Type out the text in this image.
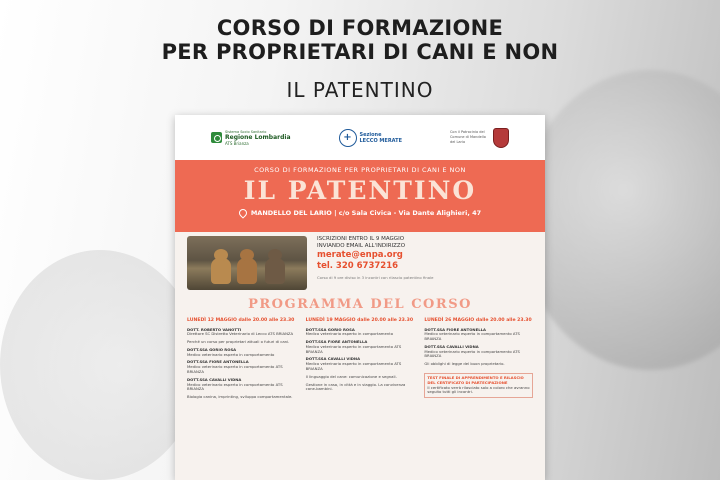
CORSO DI FORMAZIONE
PER PROPRIETARI DI CANI E NON
IL PATENTINO
Sistema Socio Sanitario
Regione Lombardia
ATS Brianza
+	Sezione
LECCO MERATE
Con il Patrocinio del Comune di Mandello del Lario
CORSO DI FORMAZIONE PER PROPRIETARI DI CANI E NON
IL PATENTINO
MANDELLO DEL LARIO | c/o Sala Civica - Via Dante Alighieri, 47
ISCRIZIONI ENTRO IL 9 MAGGIO
INVIANDO EMAIL ALL'INDIRIZZO
merate@enpa.org
tel. 320 6737216
Corso di 9 ore diviso in 3 incontri con rilascio patentino finale
PROGRAMMA DEL CORSO
LUNEDÌ 12 MAGGIO dalle 20.00 alle 23.30
DOTT. ROBERTO VANOTTI
Direttore SC Distretto Veterinario di Lecco ATS BRIANZA
Perché un corso per proprietari attuali o futuri di cani.
DOTT.SSA GORIO ROSA
Medico veterinario esperto in comportamento
DOTT.SSA FIORE ANTONELLA
Medico veterinario esperto in comportamento ATS BRIANZA
DOTT.SSA CAVALLI VIDNA
Medico veterinario esperto in comportamento ATS BRIANZA
Biologia canina, imprinting, sviluppo comportamentale.
LUNEDÌ 19 MAGGIO dalle 20.00 alle 23.30
DOTT.SSA GORIO ROSA
Medico veterinario esperto in comportamento
DOTT.SSA FIORE ANTONELLA
Medico veterinario esperto in comportamento ATS BRIANZA
DOTT.SSA CAVALLI VIDNA
Medico veterinario esperto in comportamento ATS BRIANZA
Il linguaggio del cane: comunicazione e segnali.
Gestione in casa, in città e in viaggio. La convivenza cane-bambini.
LUNEDÌ 26 MAGGIO dalle 20.00 alle 23.30
DOTT.SSA FIORE ANTONELLA
Medico veterinario esperto in comportamento ATS BRIANZA
DOTT.SSA CAVALLI VIDNA
Medico veterinario esperto in comportamento ATS BRIANZA
Gli obblighi di legge del buon proprietario.
TEST FINALE DI APPRENDIMENTO E RILASCIO DEL CERTIFICATO DI PARTECIPAZIONE
Il certificato verrà rilasciato solo a coloro che avranno seguito tutti gli incontri.
